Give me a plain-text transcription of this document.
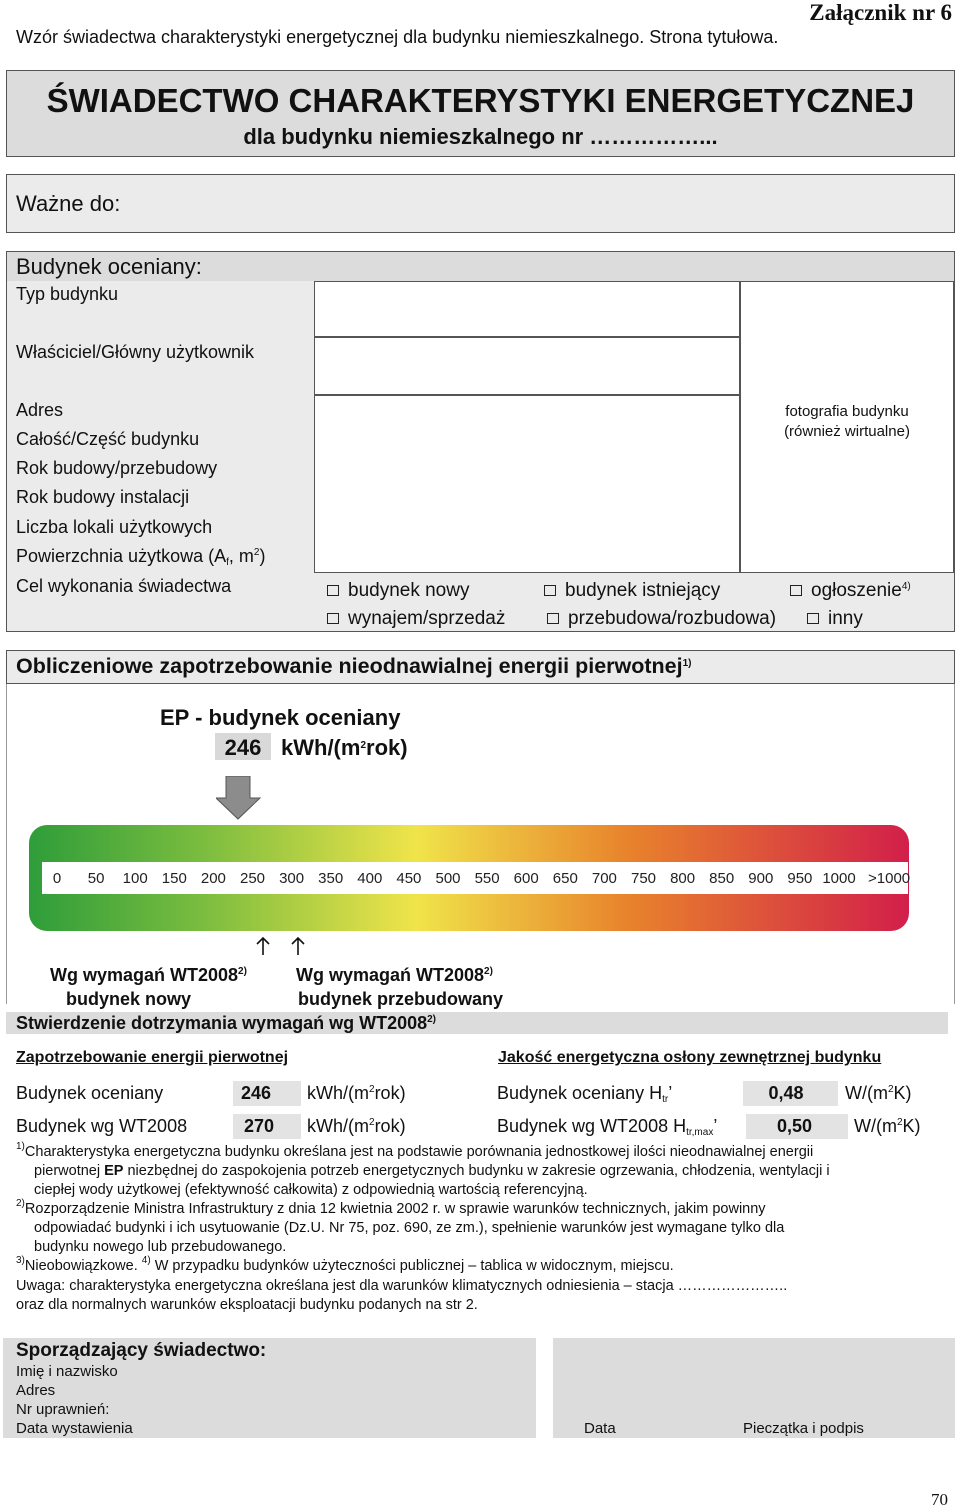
Załącznik nr 6
Wzór świadectwa charakterystyki energetycznej dla budynku niemieszkalnego. Strona tytułowa.
ŚWIADECTWO CHARAKTERYSTYKI ENERGETYCZNEJ
dla budynku niemieszkalnego nr ……………...
Ważne do:
Budynek oceniany:
Typ budynku
Właściciel/Główny użytkownik
Adres
Całość/Część budynku
Rok budowy/przebudowy
Rok budowy instalacji
Liczba lokali użytkowych
Powierzchnia użytkowa ($A_f$, $m^2$)
Cel wykonania świadectwa
fotografia budynku
(również wirtualne)
budynek nowy	budynek istniejący	ogłoszenie$^{4)}$
wynajem/sprzedaż	przebudowa/rozbudowa)	inny
Obliczeniowe zapotrzebowanie nieodnawialnej energii pierwotnej$^{1)}$
EP - budynek oceniany
246 kWh/$(m^2rok)$
0 50 100 150 200 250 300 350 400 450 500 550 600 650 700 750 800 850 900 950 1000 >1000
Wg wymagań WT2008$^{2)}$
budynek nowy
Wg wymagań WT2008$^{2)}$
budynek przebudowany
Stwierdzenie dotrzymania wymagań wg WT2008$^{2)}$
Zapotrzebowanie energii pierwotnej	Jakość energetyczna osłony zewnętrznej budynku
Budynek oceniany	246	kWh/$(m^2rok)$
Budynek wg WT2008	270	kWh/$(m^2rok)$
Budynek oceniany $H_{tr}$’	0,48	$W/(m^2K)$
Budynek wg WT2008 $H_{tr,max}$’	0,50	$W/(m^2K)$
$^{1)}$Charakterystyka energetyczna budynku określana jest na podstawie porównania jednostkowej ilości nieodnawialnej energii
pierwotnej EP niezbędnej do zaspokojenia potrzeb energetycznych budynku w zakresie ogrzewania, chłodzenia, wentylacji i
ciepłej wody użytkowej (efektywność całkowita) z odpowiednią wartością referencyjną.
$^{2)}$Rozporządzenie Ministra Infrastruktury z dnia 12 kwietnia 2002 r. w sprawie warunków technicznych, jakim powinny
odpowiadać budynki i ich usytuowanie (Dz.U. Nr 75, poz. 690, ze zm.), spełnienie warunków jest wymagane tylko dla
budynku nowego lub przebudowanego.
$^{3)}$Nieobowiązkowe. $^{4)}$ W przypadku budynków użyteczności publicznej – tablica w widocznym, miejscu.
Uwaga: charakterystyka energetyczna określana jest dla warunków klimatycznych odniesienia – stacja …………………..
oraz dla normalnych warunków eksploatacji budynku podanych na str 2.
Sporządzający świadectwo:
Imię i nazwisko
Adres
Nr uprawnień:
Data wystawienia	Data	Pieczątka i podpis
70
